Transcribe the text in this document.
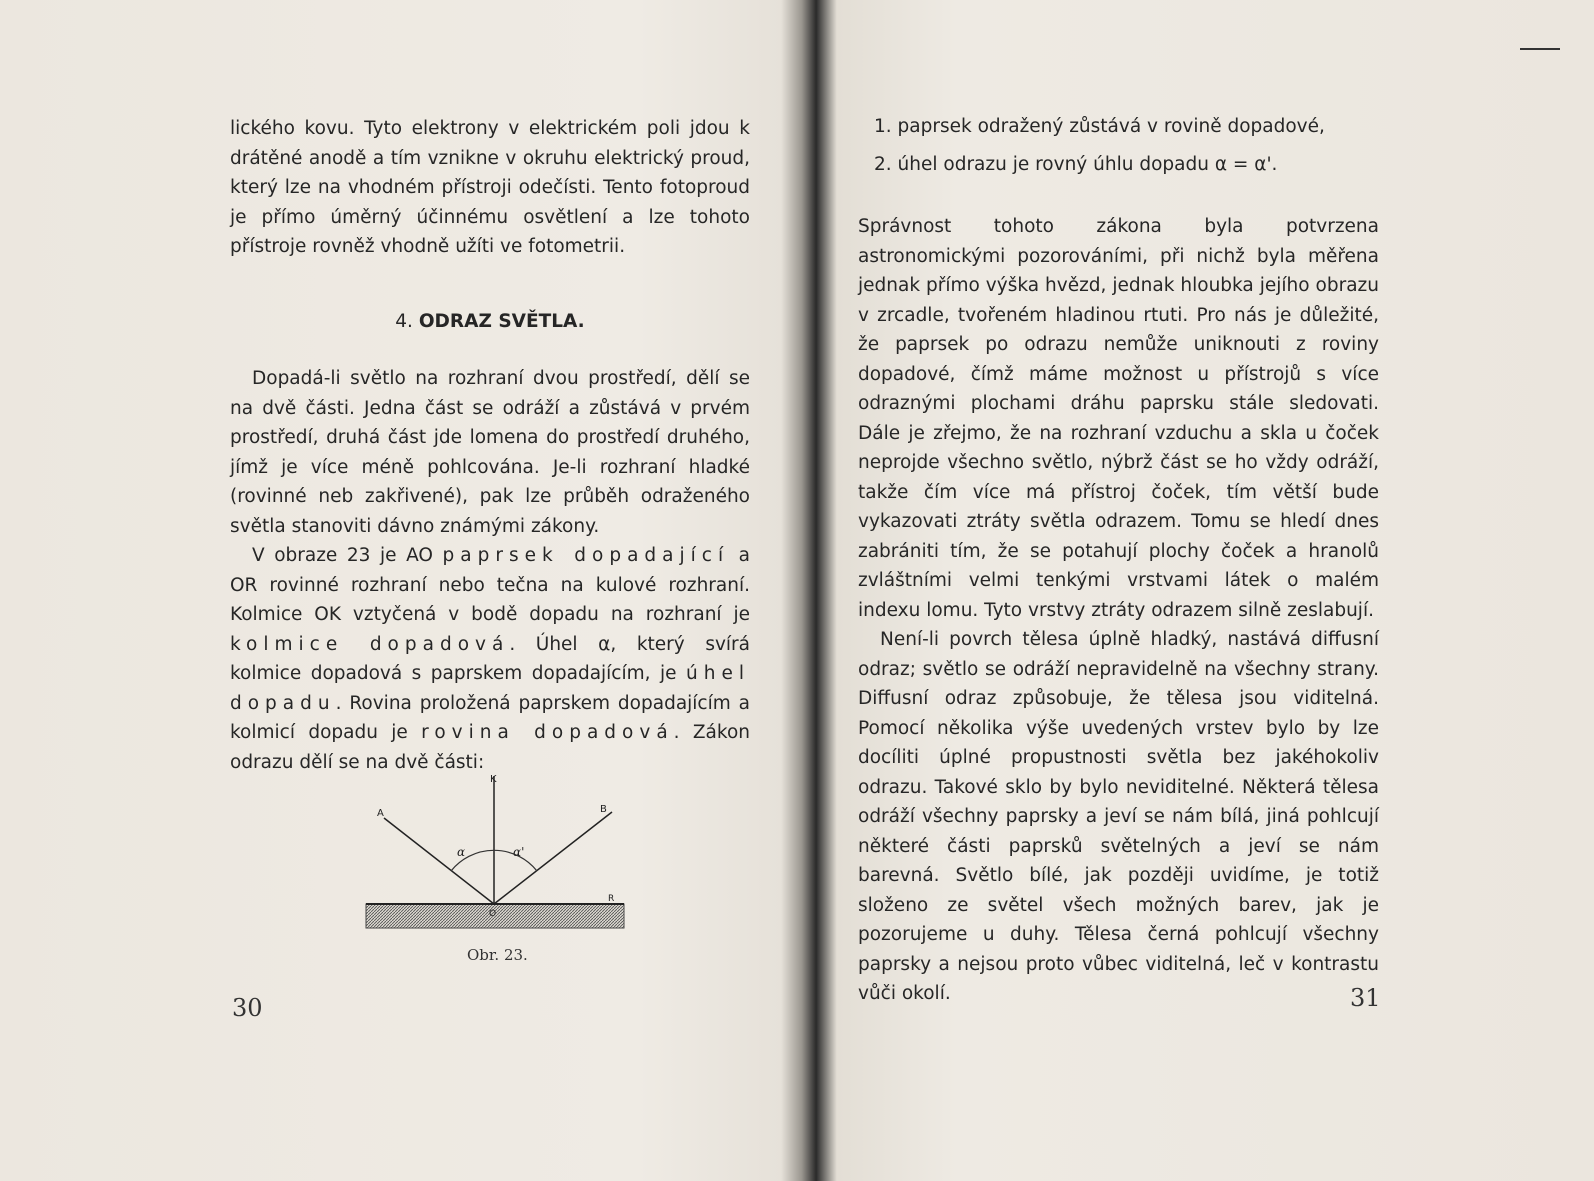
lického kovu. Tyto elektrony v elektrickém poli jdou k drátěné anodě a tím vznikne v okruhu elektrický proud, který lze na vhodném přístroji odečísti. Tento fotoproud je přímo úměrný účinnému osvětlení a lze tohoto přístroje rovněž vhodně užíti ve fotometrii.

4. ODRAZ SVĚTLA.

Dopadá-li světlo na rozhraní dvou prostředí, dělí se na dvě části. Jedna část se odráží a zůstává v prvém prostředí, druhá část jde lomena do prostředí druhého, jímž je více méně pohlcována. Je-li rozhraní hladké (rovinné neb zakřivené), pak lze průběh odraženého světla stanoviti dávno známými zákony.

V obraze 23 je AO paprsek dopadající a OR rovinné rozhraní nebo tečna na kulové rozhraní. Kolmice OK vztyčená v bodě dopadu na rozhraní je kolmice dopadová. Úhel α, který svírá kolmice dopadová s paprskem dopadajícím, je úhel dopadu. Rovina proložená paprskem dopadajícím a kolmicí dopadu je rovina dopadová. Zákon odrazu dělí se na dvě části:

K
A	B
O
R
α	α'
Obr. 23.
30

1. paprsek odražený zůstává v rovině dopadové,

2. úhel odrazu je rovný úhlu dopadu α = α'.

Správnost tohoto zákona byla potvrzena astronomickými pozorováními, při nichž byla měřena jednak přímo výška hvězd, jednak hloubka jejího obrazu v zrcadle, tvořeném hladinou rtuti. Pro nás je důležité, že paprsek po odrazu nemůže uniknouti z roviny dopadové, čímž máme možnost u přístrojů s více odraznými plochami dráhu paprsku stále sledovati. Dále je zřejmo, že na rozhraní vzduchu a skla u čoček neprojde všechno světlo, nýbrž část se ho vždy odráží, takže čím více má přístroj čoček, tím větší bude vykazovati ztráty světla odrazem. Tomu se hledí dnes zabrániti tím, že se potahují plochy čoček a hranolů zvláštními velmi tenkými vrstvami látek o malém indexu lomu. Tyto vrstvy ztráty odrazem silně zeslabují.

Není-li povrch tělesa úplně hladký, nastává diffusní odraz; světlo se odráží nepravidelně na všechny strany. Diffusní odraz způsobuje, že tělesa jsou viditelná. Pomocí několika výše uvedených vrstev bylo by lze docíliti úplné propustnosti světla bez jakéhokoliv odrazu. Takové sklo by bylo neviditelné. Některá tělesa odráží všechny paprsky a jeví se nám bílá, jiná pohlcují některé části paprsků světelných a jeví se nám barevná. Světlo bílé, jak později uvidíme, je totiž složeno ze světel všech možných barev, jak je pozorujeme u duhy. Tělesa černá pohlcují všechny paprsky a nejsou proto vůbec viditelná, leč v kontrastu vůči okolí.	31
